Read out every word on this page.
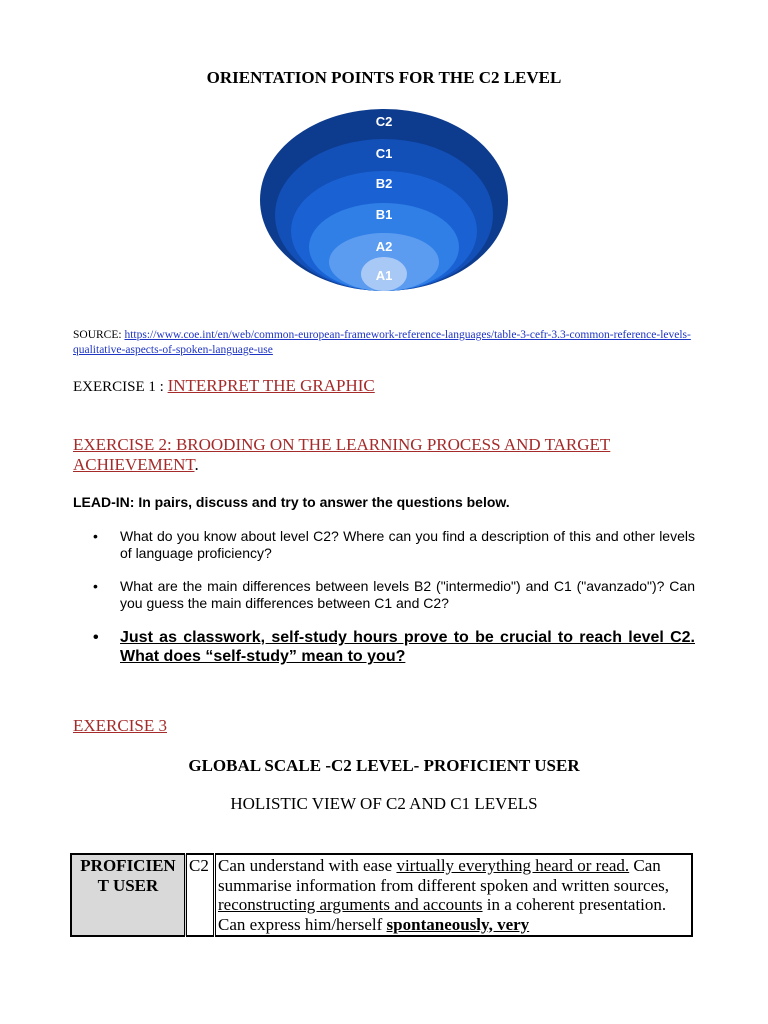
ORIENTATION POINTS FOR THE C2 LEVEL
C2
C1
B2
B1
A2
A1
SOURCE: https://www.coe.int/en/web/common-european-framework-reference-languages/table-3-cefr-3.3-common-reference-levels-qualitative-aspects-of-spoken-language-use
EXERCISE 1 : INTERPRET THE GRAPHIC
EXERCISE 2: BROODING ON THE LEARNING PROCESS AND TARGET ACHIEVEMENT.
LEAD-IN: In pairs, discuss and try to answer the questions below.
• What do you know about level C2? Where can you find a description of this and other levels of language proficiency?
• What are the main differences between levels B2 ("intermedio") and C1 ("avanzado")? Can you guess the main differences between C1 and C2?
• Just as classwork, self-study hours prove to be crucial to reach level C2. What does “self-study” mean to you?
EXERCISE 3
GLOBAL SCALE -C2 LEVEL- PROFICIENT USER
HOLISTIC VIEW OF C2 AND C1 LEVELS
PROFICIEN T USER	C2	Can understand with ease virtually everything heard or read. Can summarise information from different spoken and written sources, reconstructing arguments and accounts in a coherent presentation. Can express him/herself spontaneously, very
